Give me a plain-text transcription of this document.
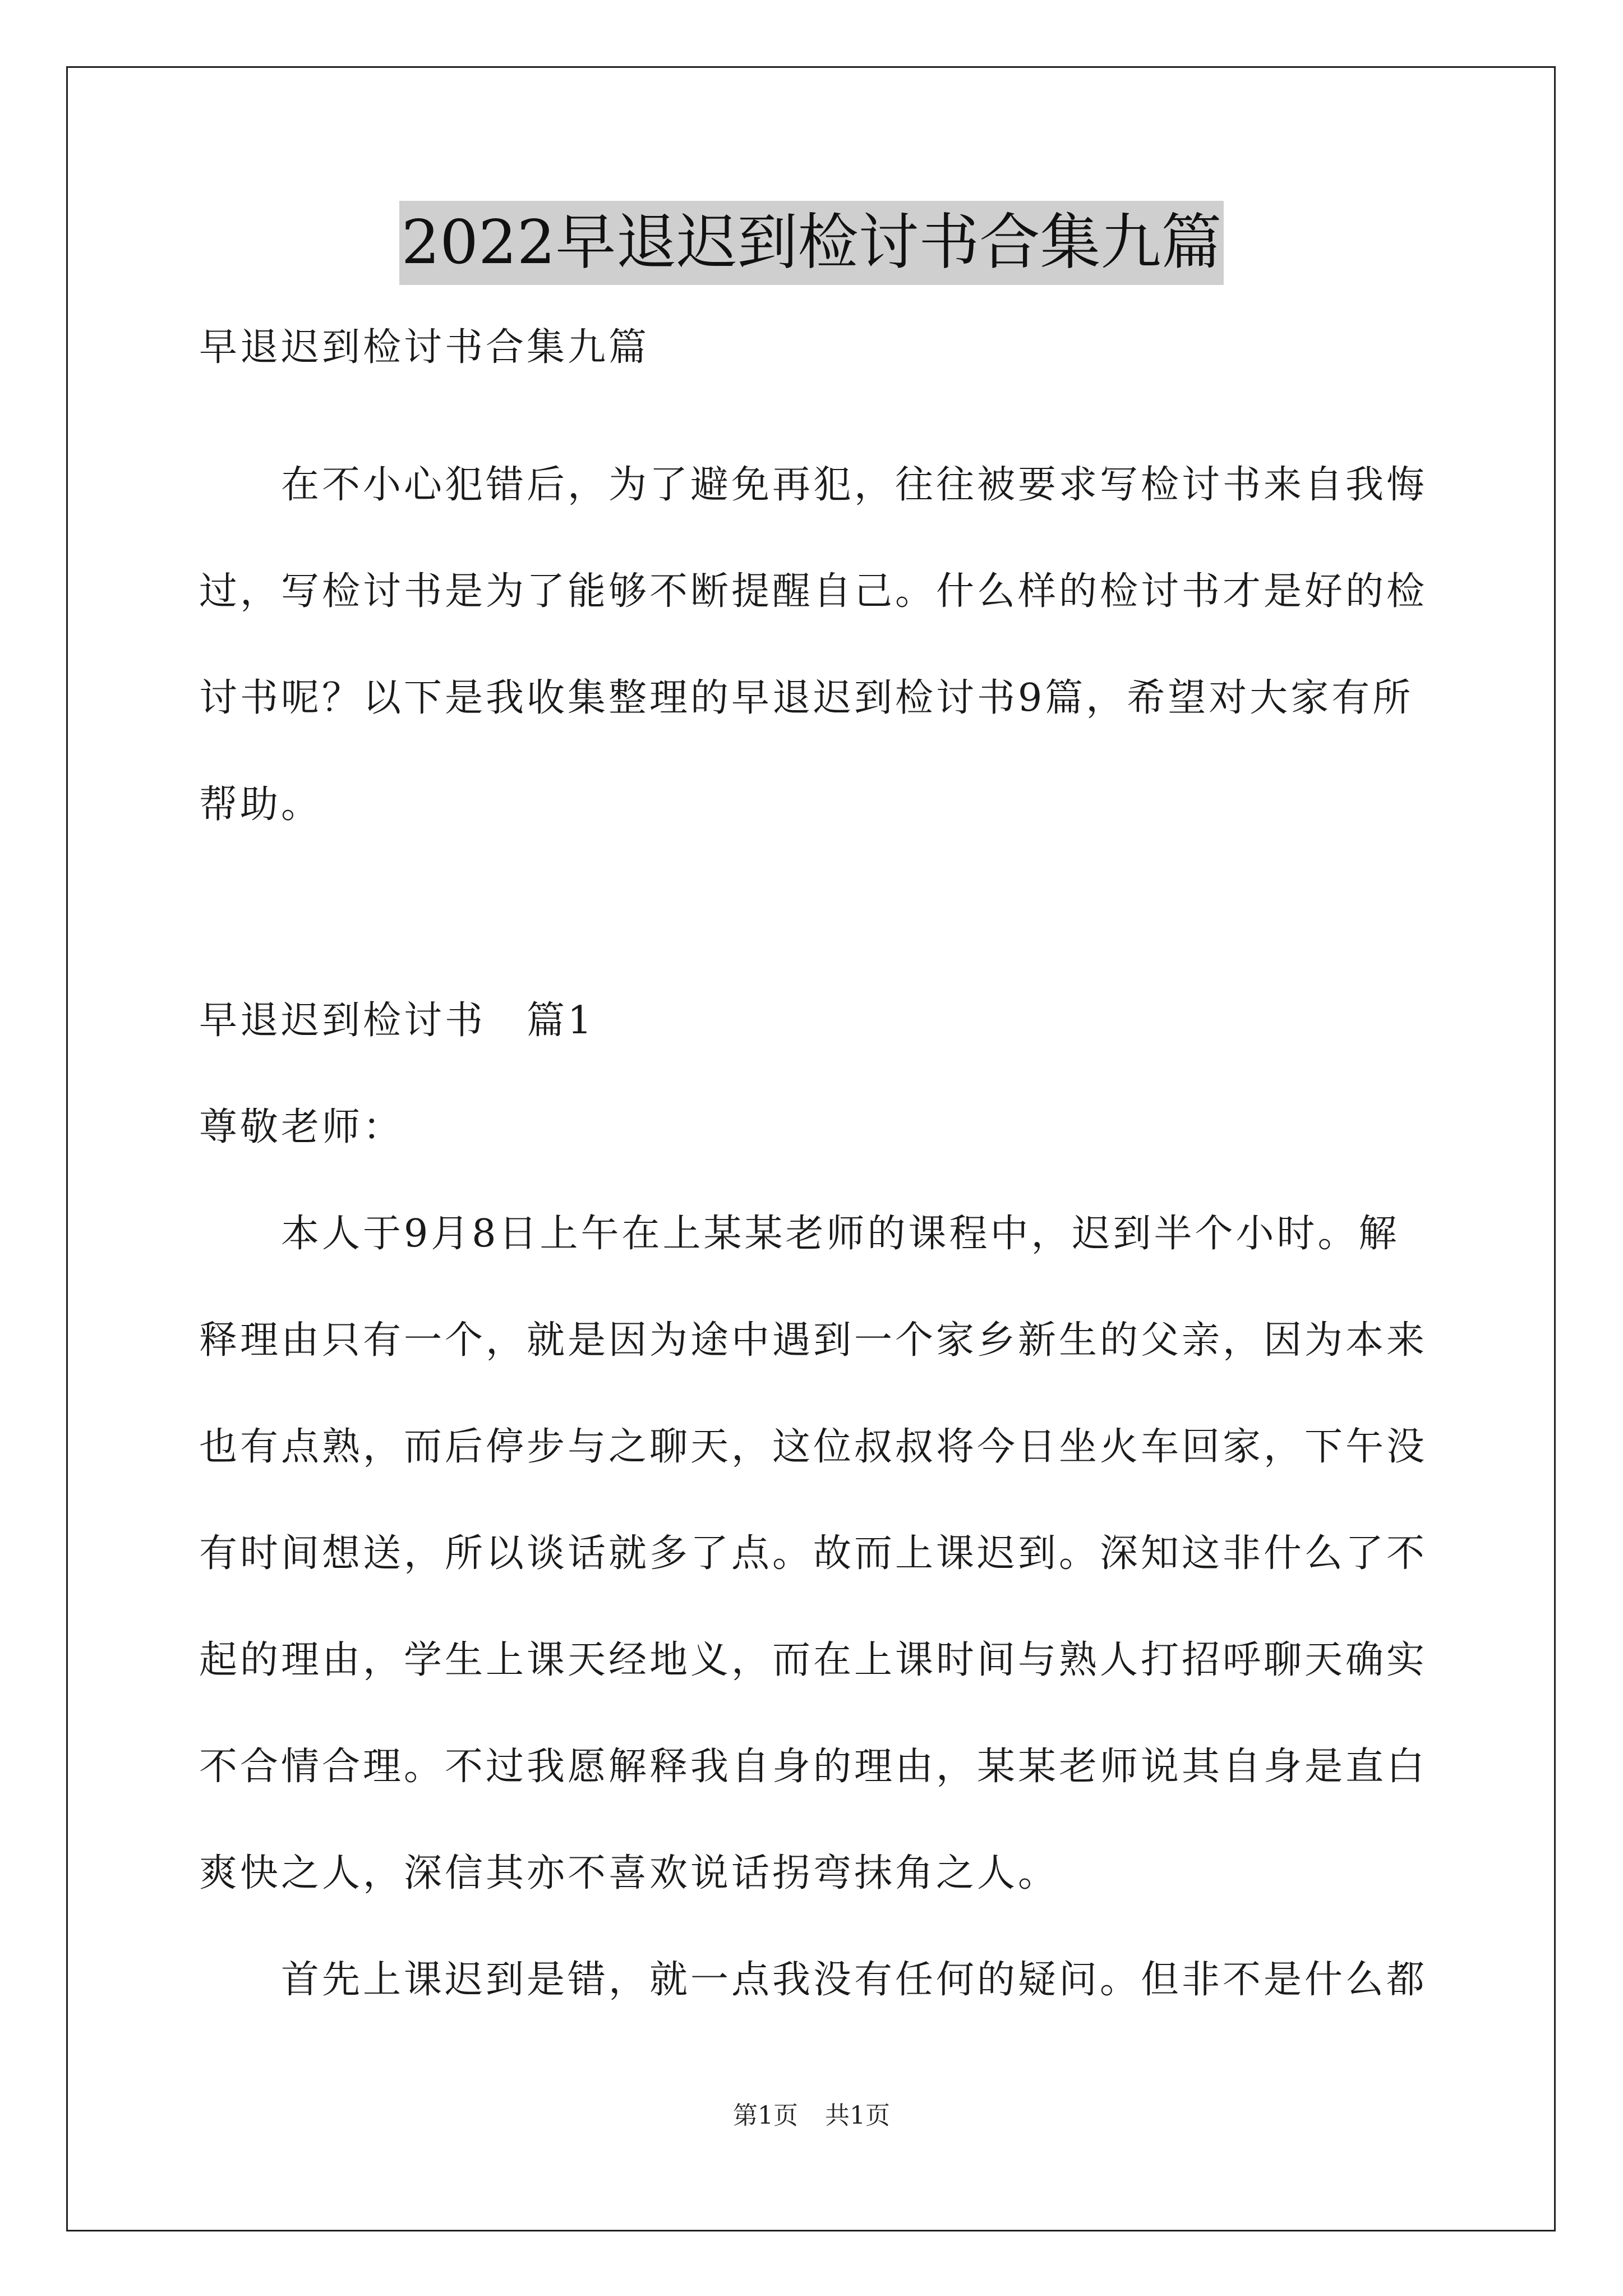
2022早退迟到检讨书合集九篇
早退迟到检讨书合集九篇
　　在不小心犯错后，为了避免再犯，往往被要求写检讨书来自我悔
过，写检讨书是为了能够不断提醒自己。什么样的检讨书才是好的检
讨书呢？以下是我收集整理的早退迟到检讨书9篇，希望对大家有所
帮助。
早退迟到检讨书　篇1
尊敬老师：
　　本人于9月8日上午在上某某老师的课程中，迟到半个小时。解
释理由只有一个，就是因为途中遇到一个家乡新生的父亲，因为本来
也有点熟，而后停步与之聊天，这位叔叔将今日坐火车回家，下午没
有时间想送，所以谈话就多了点。故而上课迟到。深知这非什么了不
起的理由，学生上课天经地义，而在上课时间与熟人打招呼聊天确实
不合情合理。不过我愿解释我自身的理由，某某老师说其自身是直白
爽快之人，深信其亦不喜欢说话拐弯抹角之人。
　　首先上课迟到是错，就一点我没有任何的疑问。但非不是什么都
第1页 共1页
